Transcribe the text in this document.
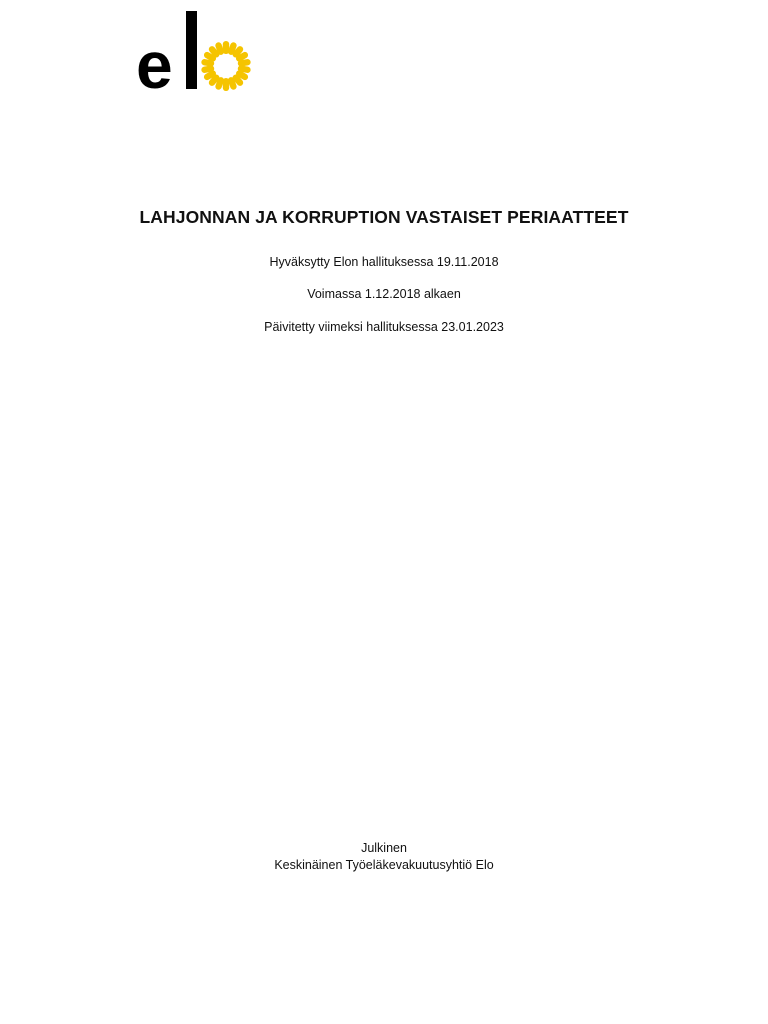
e
LAHJONNAN JA KORRUPTION VASTAISET PERIAATTEET
Hyväksytty Elon hallituksessa 19.11.2018
Voimassa 1.12.2018 alkaen
Päivitetty viimeksi hallituksessa 23.01.2023
Julkinen
Keskinäinen Työeläkevakuutusyhtiö Elo
